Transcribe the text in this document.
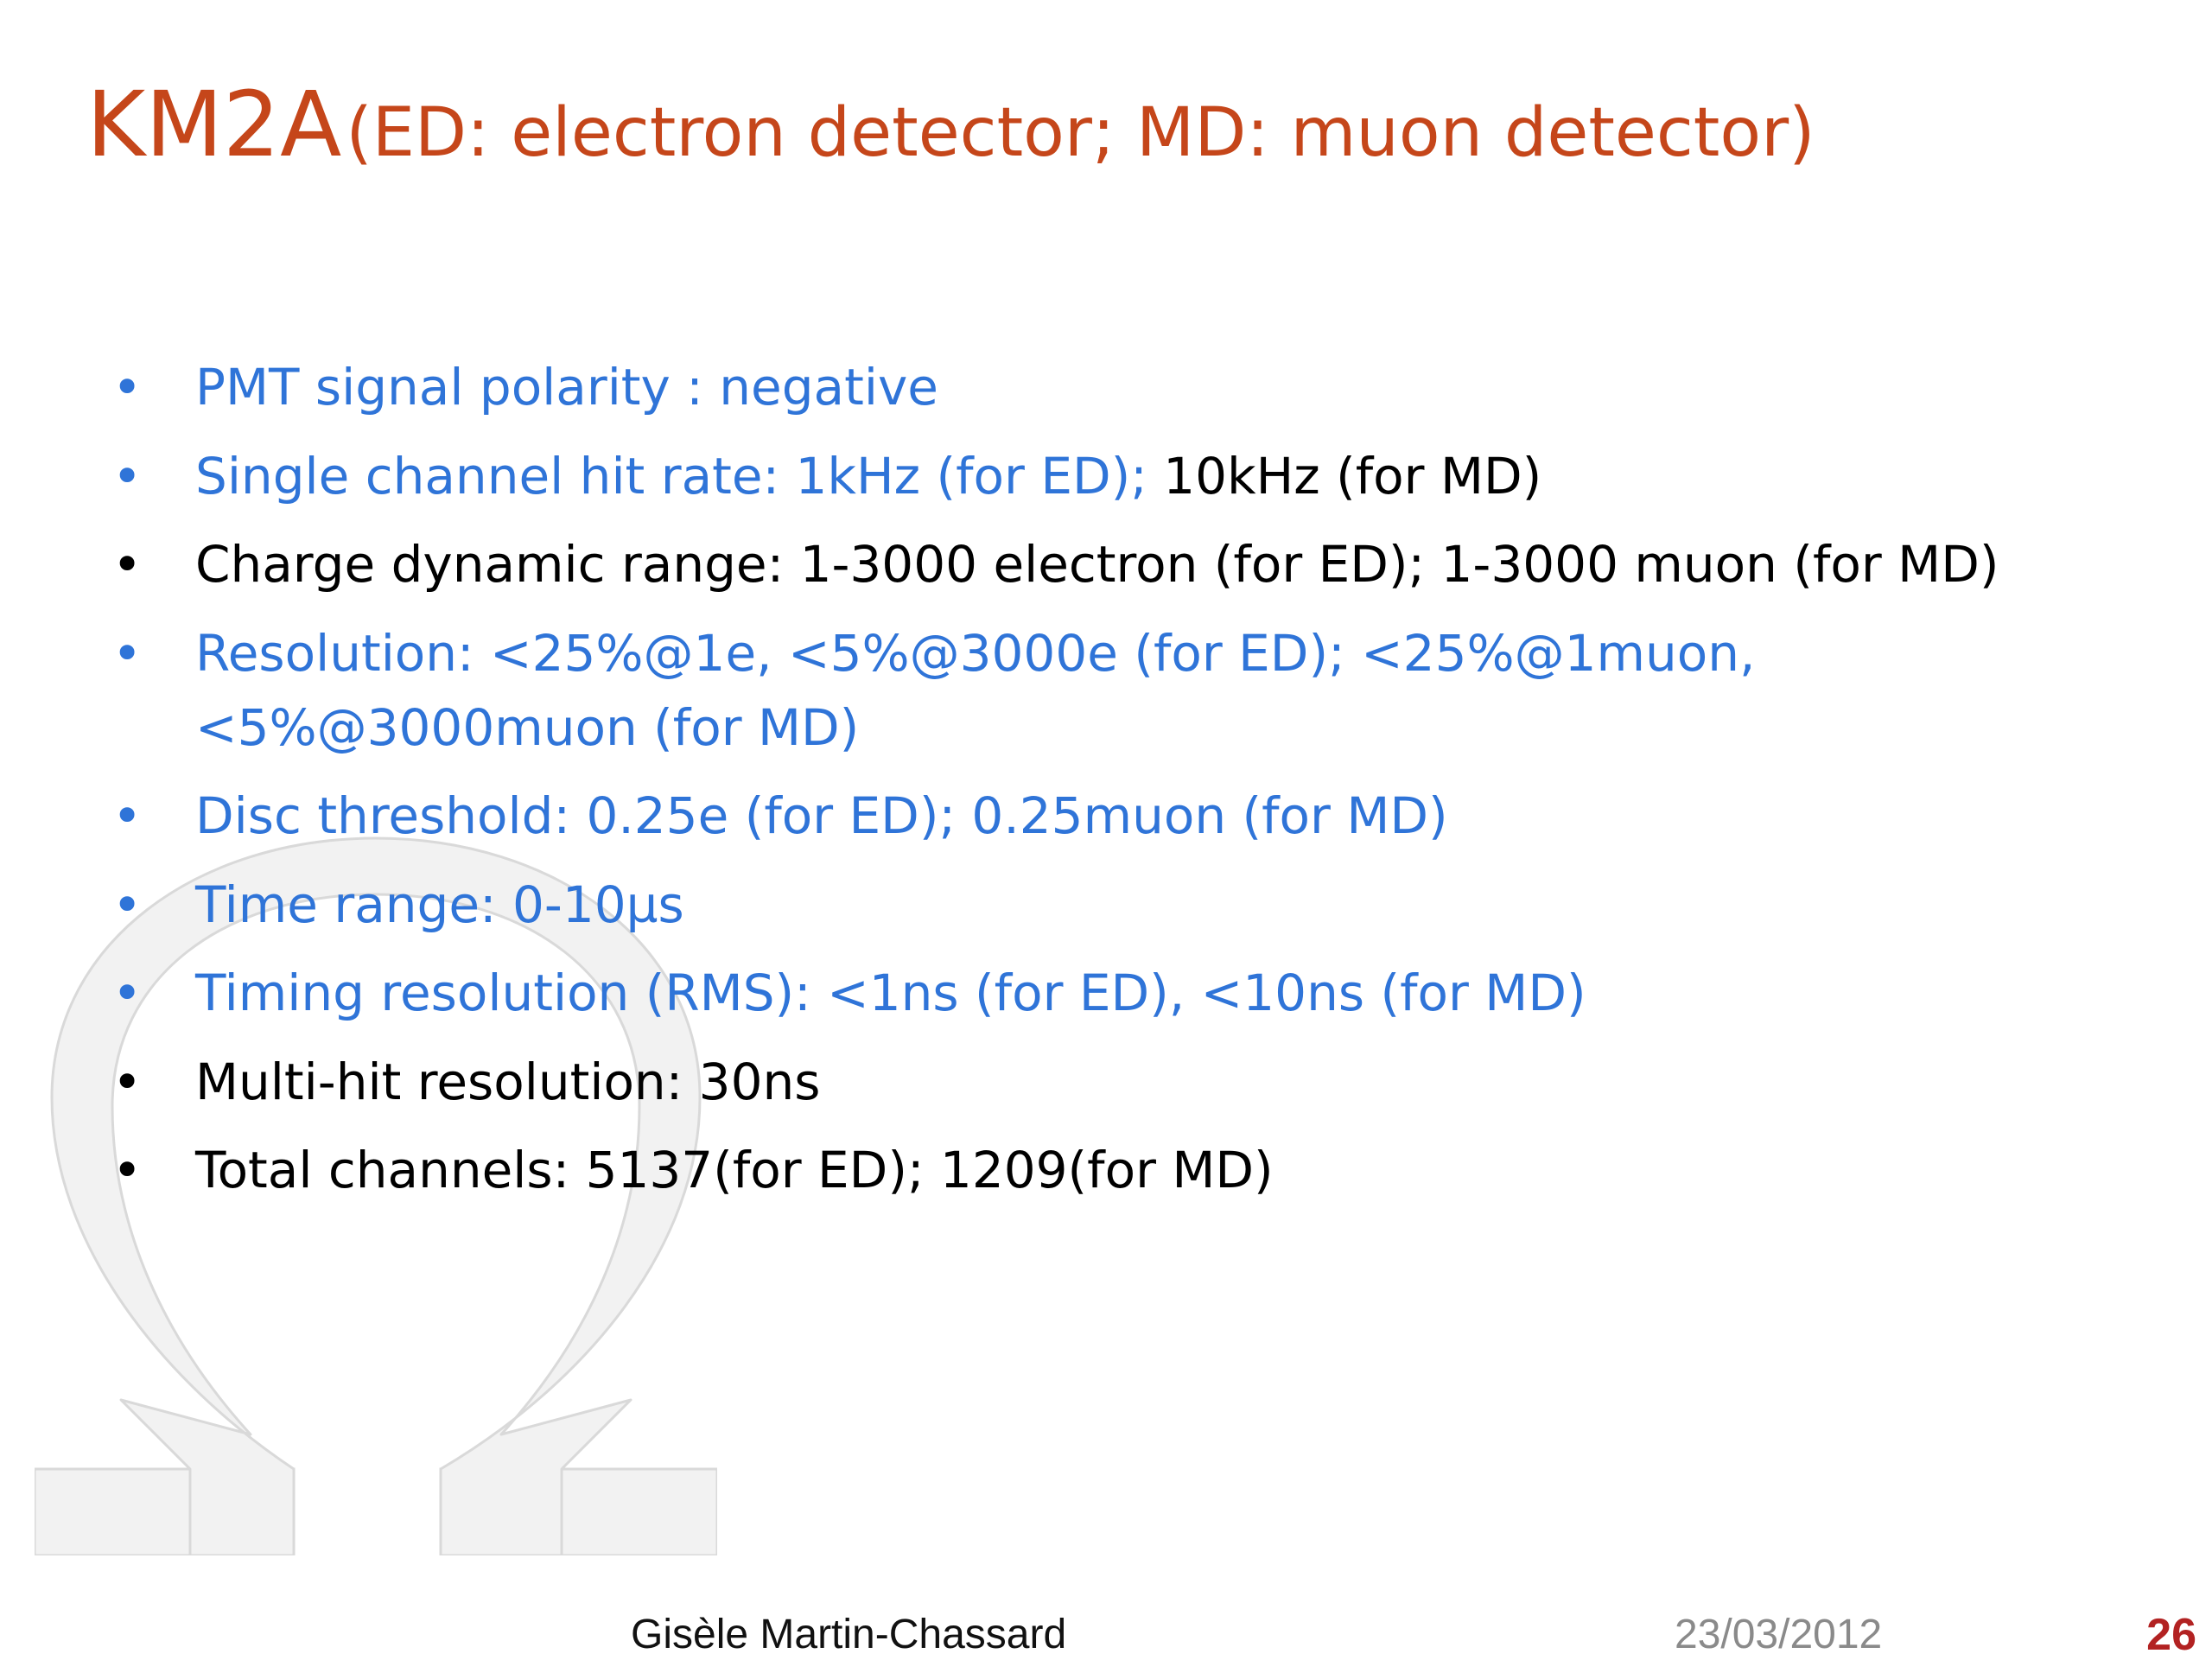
KM2A (ED: electron detector; MD: muon detector)
• PMT signal polarity : negative
• Single channel hit rate: 1kHz (for ED); 10kHz (for MD)
• Charge dynamic range: 1-3000 electron (for ED); 1-3000 muon (for MD)
• Resolution: <25%@1e, <5%@3000e (for ED); <25%@1muon,
<5%@3000muon (for MD)
• Disc threshold: 0.25e (for ED); 0.25muon (for MD)
• Time range: 0-10µs
• Timing resolution (RMS): <1ns (for ED), <10ns (for MD)
• Multi-hit resolution: 30ns
• Total channels: 5137(for ED); 1209(for MD)
Gisèle Martin-Chassard	23/03/2012	26
